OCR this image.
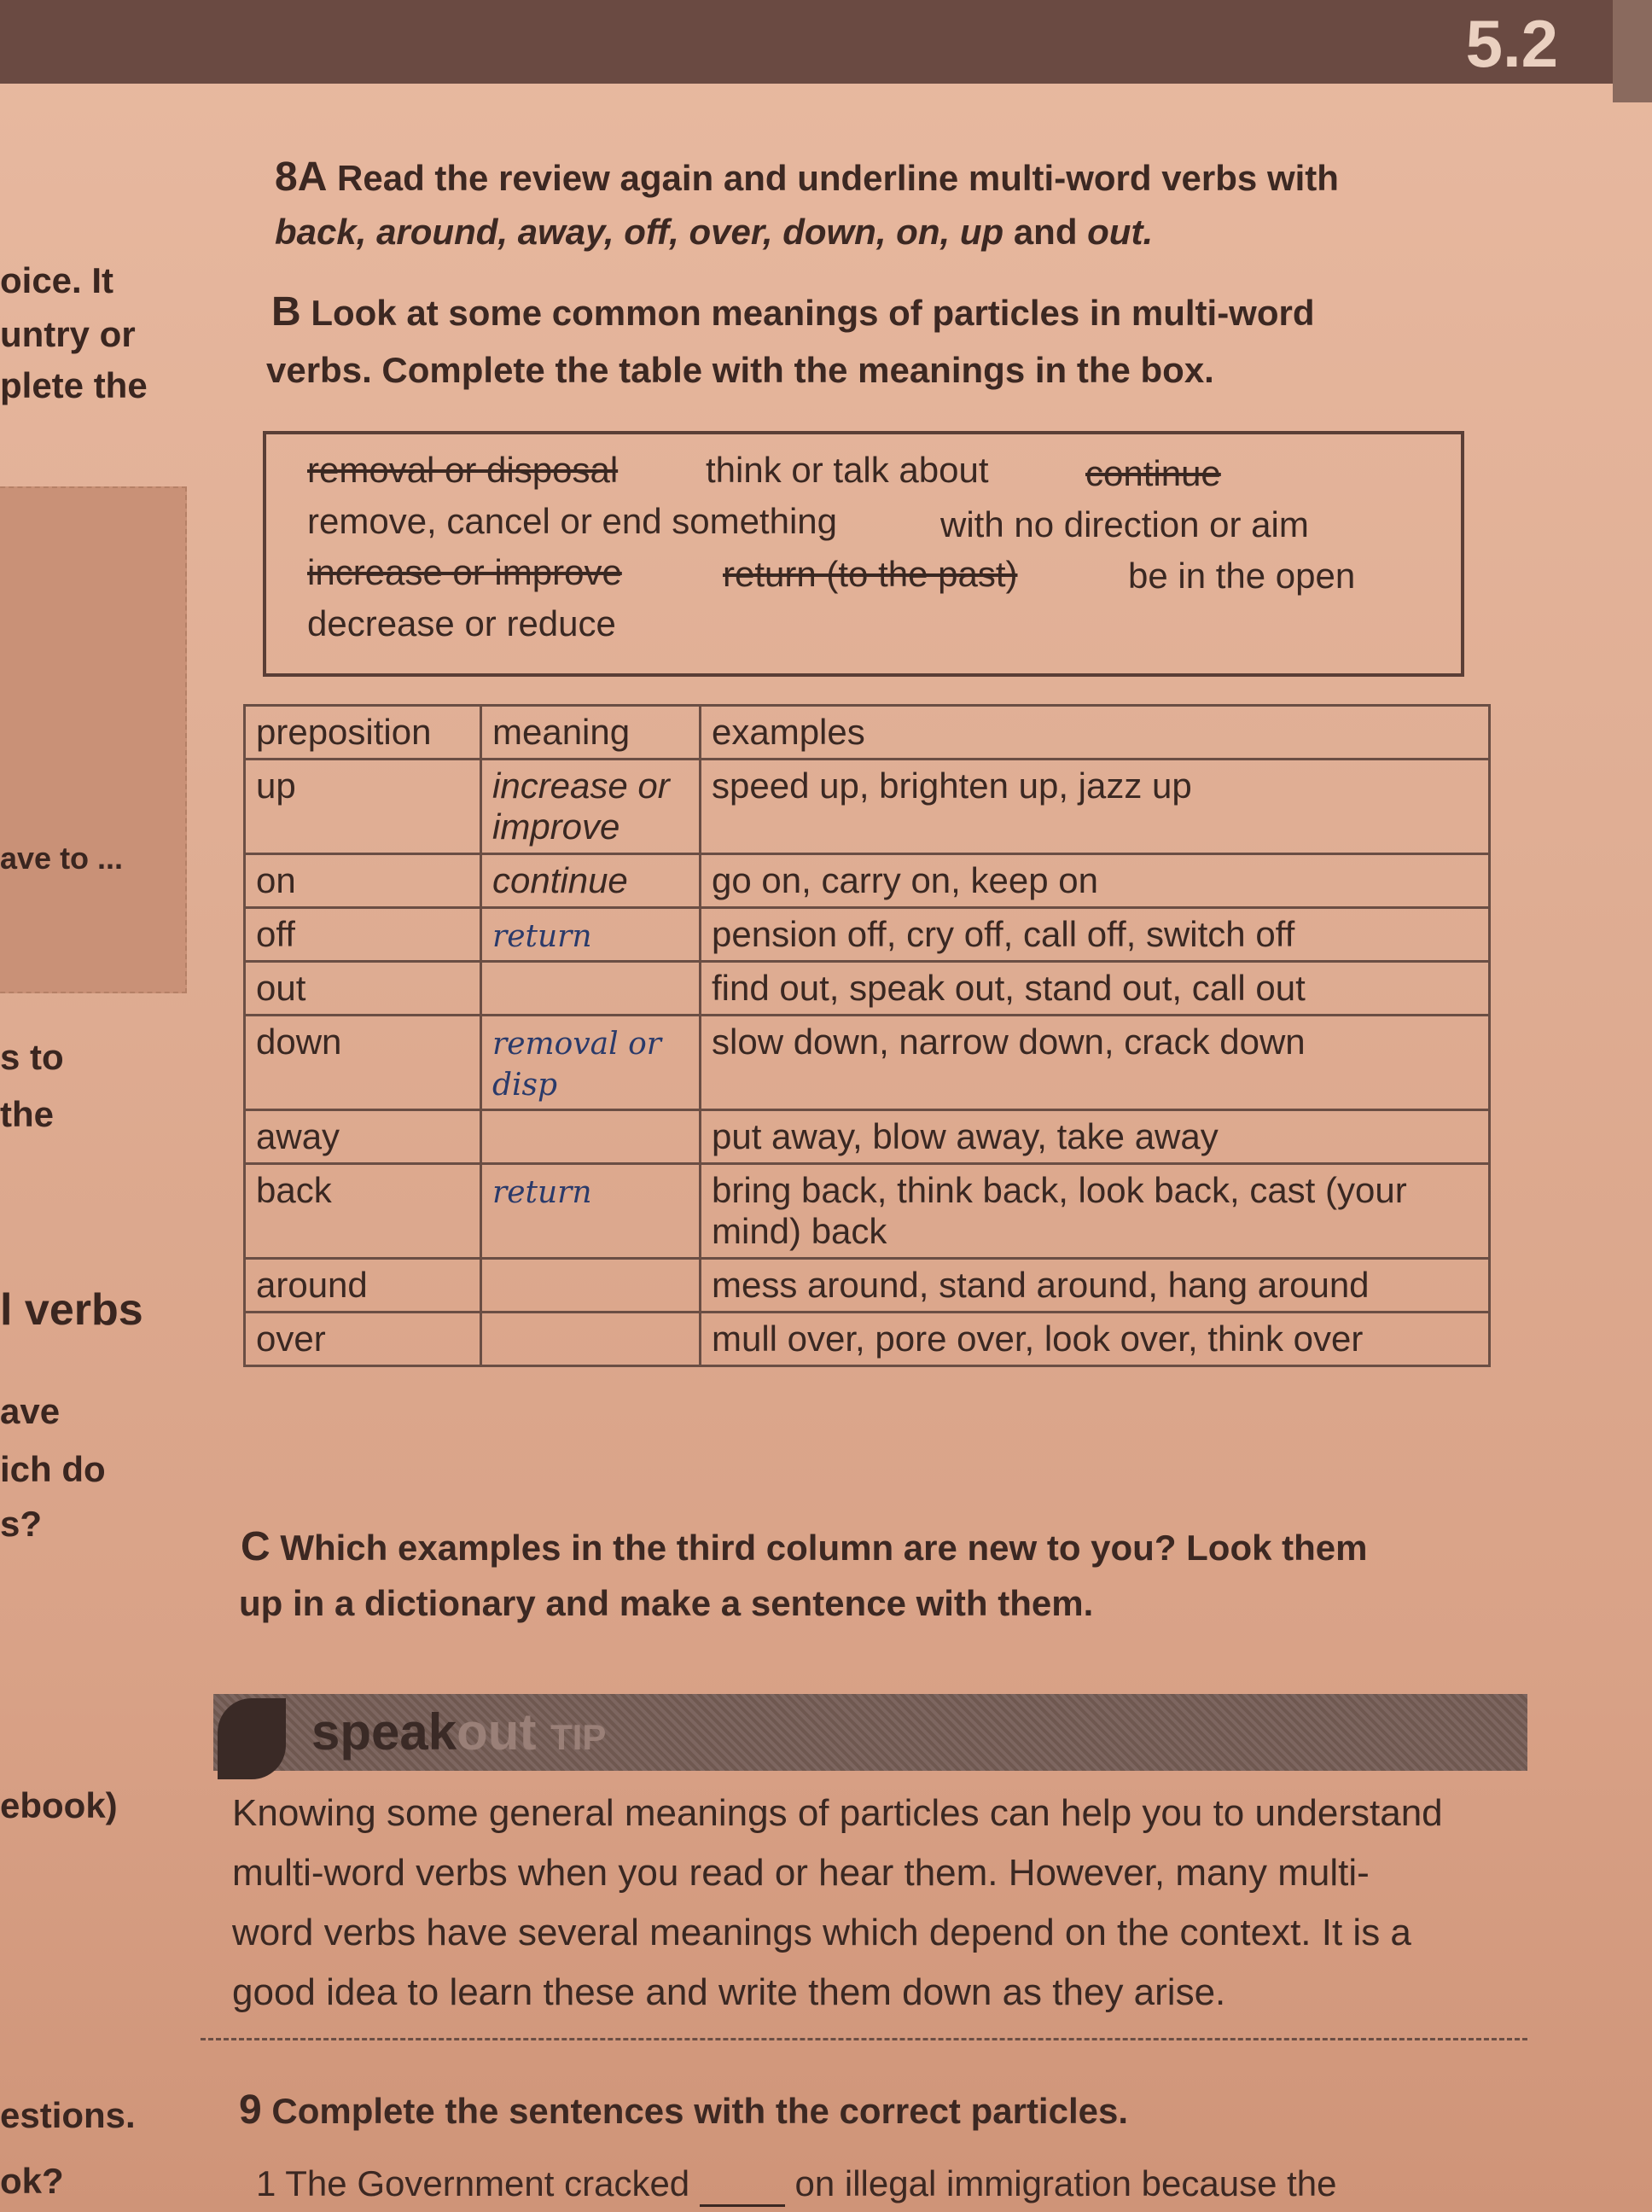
5.2
oice. It
untry or
plete the
ave to ...
s to
the
l verbs
ave
ich do
s?
ebook)
estions.
ok?
8A Read the review again and underline multi-word verbs with
back, around, away, off, over, down, on, up and out.
B Look at some common meanings of particles in multi-word
verbs. Complete the table with the meanings in the box.
removal or disposal think or talk about	continue
remove, cancel or end something	with no direction or aim
increase or improve	return (to the past)	be in the open
decrease or reduce
preposition	meaning	examples
up	increase or improve	speed up, brighten up, jazz up
on	continue	go on, carry on, keep on
off	return	pension off, cry off, call off, switch off
out		find out, speak out, stand out, call out
down	removal or disp	slow down, narrow down, crack down
away		put away, blow away, take away
back	return	bring back, think back, look back, cast (your mind) back
around		mess around, stand around, hang around
over		mull over, pore over, look over, think over
C Which examples in the third column are new to you? Look them
up in a dictionary and make a sentence with them.
speakout TIP
Knowing some general meanings of particles can help you to understand
multi-word verbs when you read or hear them. However, many multi-
word verbs have several meanings which depend on the context. It is a
good idea to learn these and write them down as they arise.
9 Complete the sentences with the correct particles.
1 The Government cracked	on illegal immigration because the
